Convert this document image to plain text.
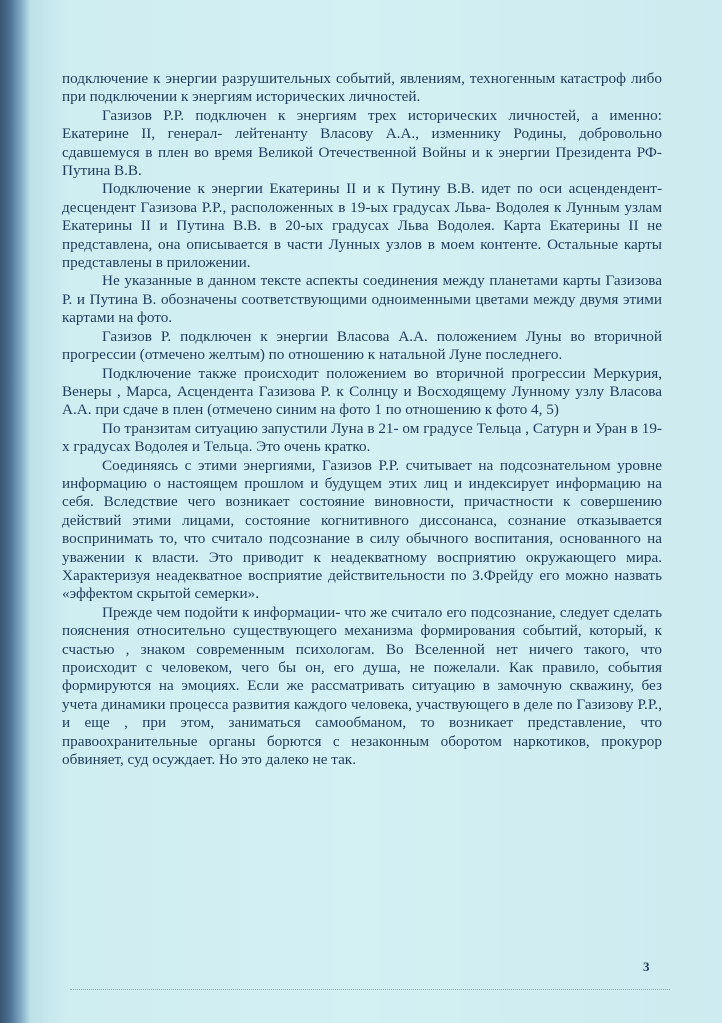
подключение к энергии разрушительных событий, явлениям, техногенным катастроф либо при подключении к энергиям исторических личностей.

Газизов Р.Р. подключен к энергиям трех исторических личностей, а именно: Екатерине II, генерал- лейтенанту Власову А.А., изменнику Родины, добровольно сдавшемуся в плен во время Великой Отечественной Войны и к энергии Президента РФ- Путина В.В.

Подключение к энергии Екатерины II и к Путину В.В. идет по оси асцендендент- десцендент Газизова Р.Р., расположенных в 19-ых градусах Льва- Водолея к Лунным узлам Екатерины II и Путина В.В. в 20-ых градусах Льва Водолея. Карта Екатерины II не представлена, она описывается в части Лунных узлов в моем контенте. Остальные карты представлены в приложении.

Не указанные в данном тексте аспекты соединения между планетами карты Газизова Р. и Путина В. обозначены соответствующими одноименными цветами между двумя этими картами на фото.

Газизов Р. подключен к энергии Власова А.А. положением Луны во вторичной прогрессии (отмечено желтым) по отношению к натальной Луне последнего.

Подключение также происходит положением во вторичной прогрессии Меркурия, Венеры , Марса, Асцендента Газизова Р. к Солнцу и Восходящему Лунному узлу Власова А.А. при сдаче в плен (отмечено синим на фото 1 по отношению к фото 4, 5)

По транзитам ситуацию запустили Луна в 21- ом градусе Тельца , Сатурн и Уран в 19-х градусах Водолея и Тельца. Это очень кратко.

Соединяясь с этими энергиями, Газизов Р.Р. считывает на подсознательном уровне информацию о настоящем прошлом и будущем этих лиц и индексирует информацию на себя. Вследствие чего возникает состояние виновности, причастности к совершению действий этими лицами, состояние когнитивного диссонанса, сознание отказывается воспринимать то, что считало подсознание в силу обычного воспитания, основанного на уважении к власти. Это приводит к неадекватному восприятию окружающего мира. Характеризуя неадекватное восприятие действительности по З.Фрейду его можно назвать «эффектом скрытой семерки».

Прежде чем подойти к информации- что же считало его подсознание, следует сделать пояснения относительно существующего механизма формирования событий, который, к счастью , знаком современным психологам. Во Вселенной нет ничего такого, что происходит с человеком, чего бы он, его душа, не пожелали. Как правило, события формируются на эмоциях. Если же рассматривать ситуацию в замочную скважину, без учета динамики процесса развития каждого человека, участвующего в деле по Газизову Р.Р., и еще , при этом, заниматься самообманом, то возникает представление, что правоохранительные органы борются с незаконным оборотом наркотиков, прокурор обвиняет, суд осуждает. Но это далеко не так.

3
